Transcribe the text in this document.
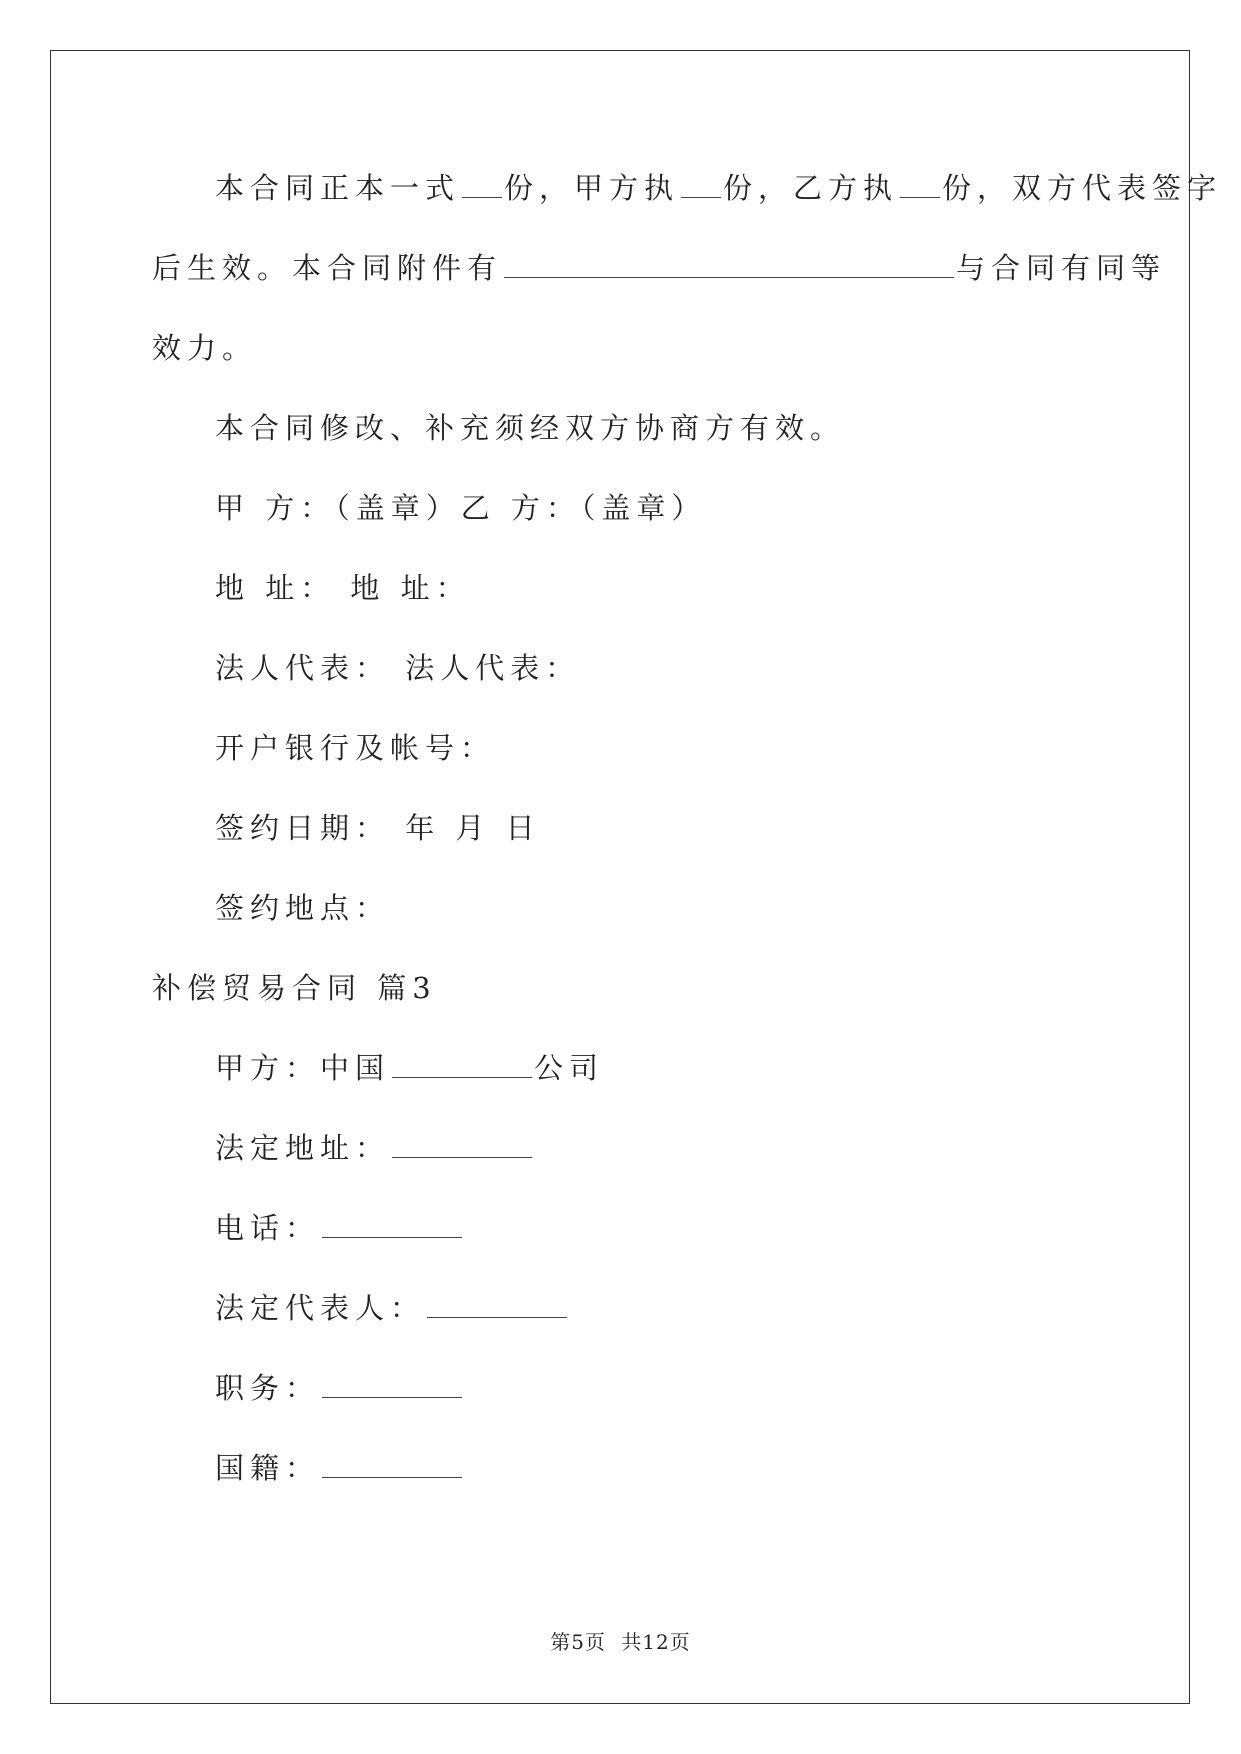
本合同正本一式 份，甲方执 份，乙方执 份，双方代表签字
后生效。本合同附件有	与合同有同等
效力。
本合同修改、补充须经双方协商方有效。
甲 方：（盖章）乙 方：（盖章）
地 址： 地 址：
法人代表： 法人代表：
开户银行及帐号：
签约日期： 年 月 日
签约地点：
补偿贸易合同 篇3
甲方：中国	公司
法定地址：
电话：
法定代表人：
职务：
国籍：
第5页 共12页
